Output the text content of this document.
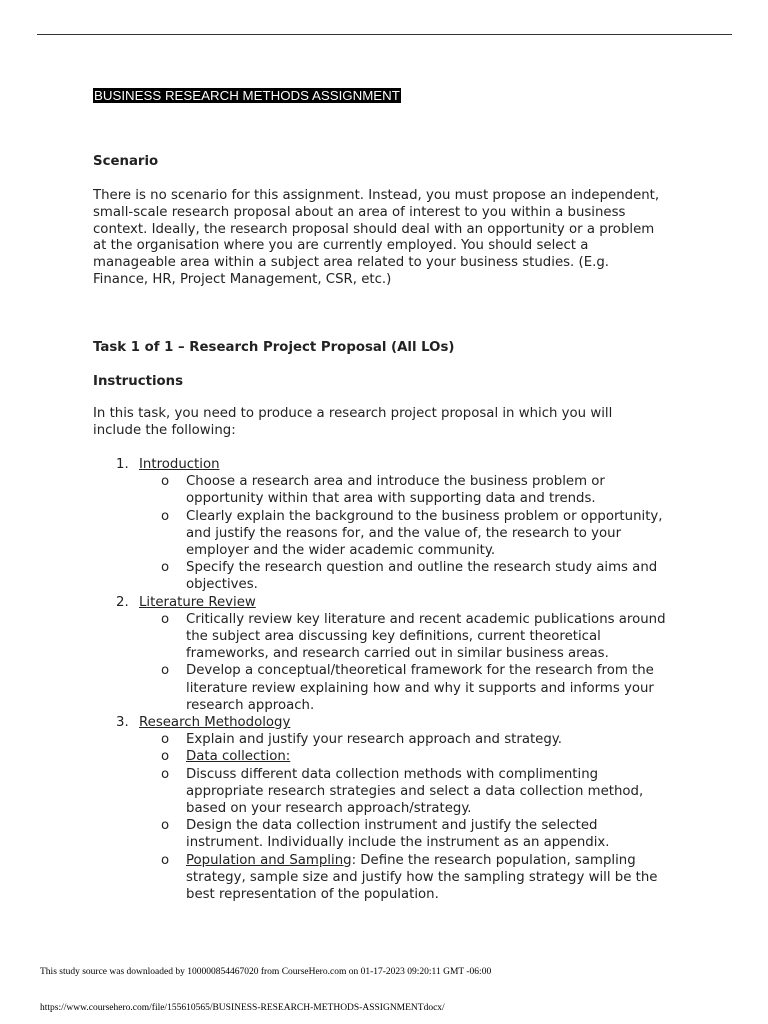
BUSINESS RESEARCH METHODS ASSIGNMENT
Scenario

There is no scenario for this assignment. Instead, you must propose an independent,
small-scale research proposal about an area of interest to you within a business
context. Ideally, the research proposal should deal with an opportunity or a problem
at the organisation where you are currently employed. You should select a
manageable area within a subject area related to your business studies. (E.g.
Finance, HR, Project Management, CSR, etc.)

Task 1 of 1 – Research Project Proposal (All LOs)
Instructions

In this task, you need to produce a research project proposal in which you will
include the following:

1. Introduction
o Choose a research area and introduce the business problem or
opportunity within that area with supporting data and trends.
o Clearly explain the background to the business problem or opportunity,
and justify the reasons for, and the value of, the research to your
employer and the wider academic community.
o Specify the research question and outline the research study aims and
objectives.
2. Literature Review
o Critically review key literature and recent academic publications around
the subject area discussing key definitions, current theoretical
frameworks, and research carried out in similar business areas.
o Develop a conceptual/theoretical framework for the research from the
literature review explaining how and why it supports and informs your
research approach.
3. Research Methodology
o Explain and justify your research approach and strategy.
o Data collection:
o Discuss different data collection methods with complimenting
appropriate research strategies and select a data collection method,
based on your research approach/strategy.
o Design the data collection instrument and justify the selected
instrument. Individually include the instrument as an appendix.
o Population and Sampling: Define the research population, sampling
strategy, sample size and justify how the sampling strategy will be the
best representation of the population.
This study source was downloaded by 100000854467020 from CourseHero.com on 01-17-2023 09:20:11 GMT -06:00
https://www.coursehero.com/file/155610565/BUSINESS-RESEARCH-METHODS-ASSIGNMENTdocx/
